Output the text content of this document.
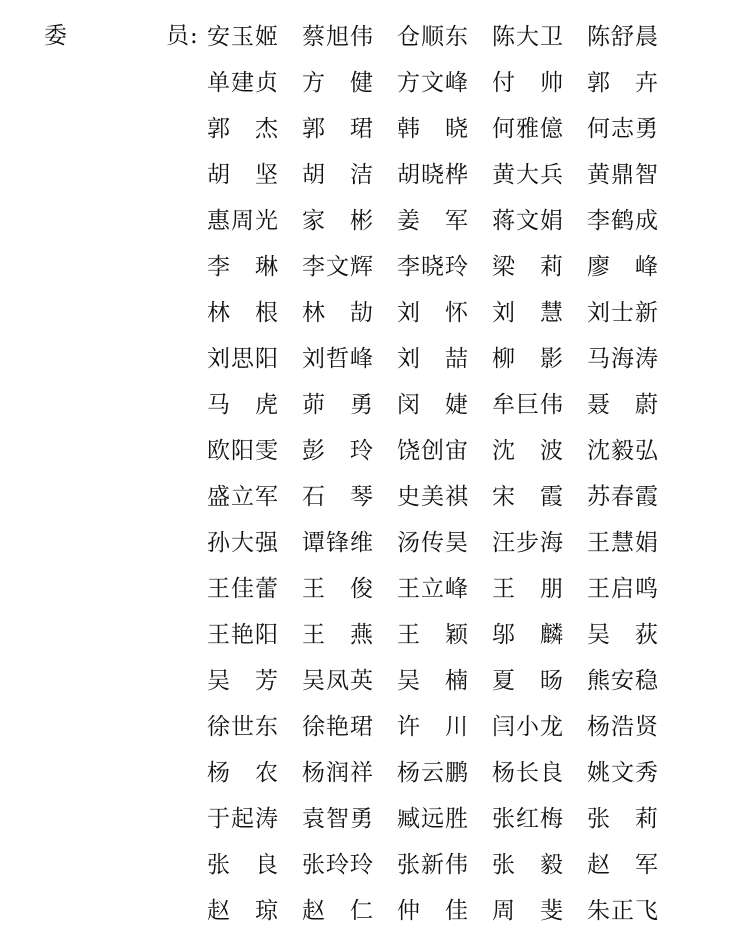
委	员 : 安玉姬 蔡旭伟 仓顺东 陈大卫 陈舒晨
单建贞 方　健 方文峰 付　帅 郭　卉
郭　杰 郭　珺 韩　晓 何雅億 何志勇
胡　坚 胡　洁 胡晓桦 黄大兵 黄鼎智
惠周光 家　彬 姜　军 蒋文娟 李鹤成
李　琳 李文辉 李晓玲 梁　莉 廖　峰
林　根 林　劼 刘　怀 刘　慧 刘士新
刘思阳 刘哲峰 刘　喆 柳　影 马海涛
马　虎 茆　勇 闵　婕 牟巨伟 聂　蔚
欧阳雯 彭　玲 饶创宙 沈　波 沈毅弘
盛立军 石　琴 史美祺 宋　霞 苏春霞
孙大强 谭锋维 汤传昊 汪步海 王慧娟
王佳蕾 王　俊 王立峰 王　朋 王启鸣
王艳阳 王　燕 王　颖 邬　麟 吴　荻
吴　芳 吴凤英 吴　楠 夏　旸 熊安稳
徐世东 徐艳珺 许　川 闫小龙 杨浩贤
杨　农 杨润祥 杨云鹏 杨长良 姚文秀
于起涛 袁智勇 臧远胜 张红梅 张　莉
张　良 张玲玲 张新伟 张　毅 赵　军
赵　琼 赵　仁 仲　佳 周　斐 朱正飞
